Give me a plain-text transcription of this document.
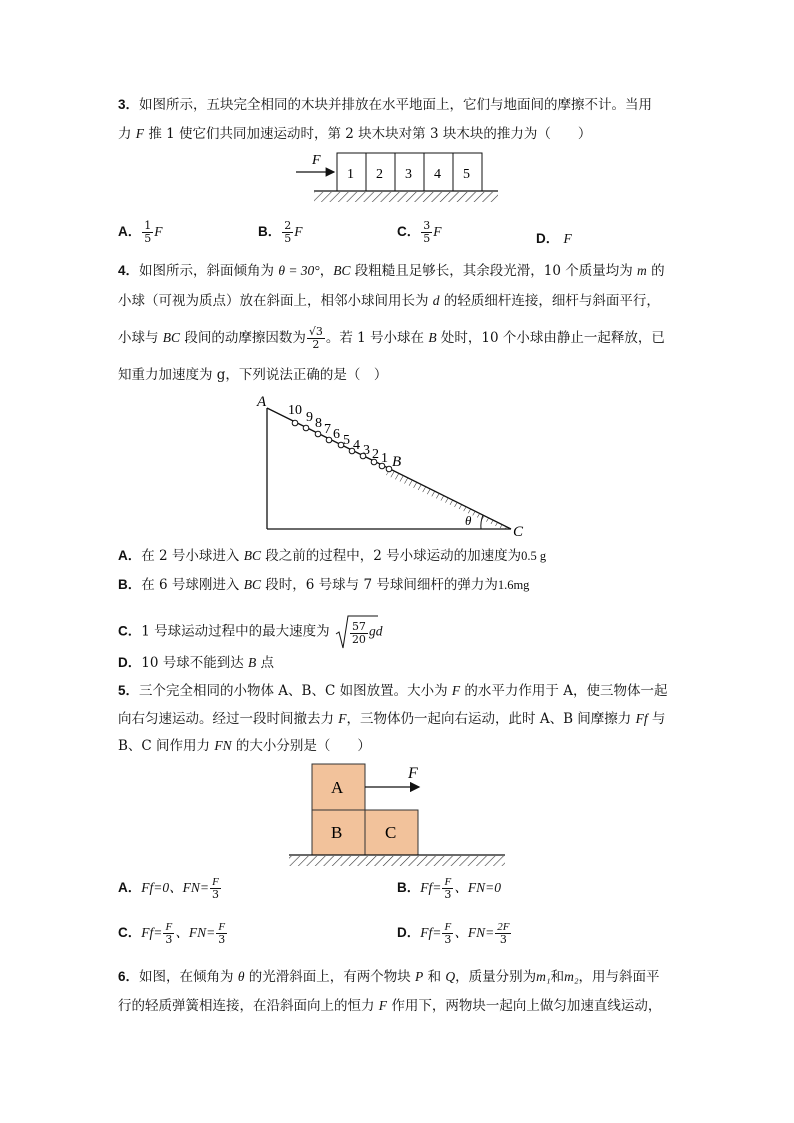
3．如图所示，五块完全相同的木块并排放在水平地面上，它们与地面间的摩擦不计。当用
力 F 推 1 使它们共同加速运动时，第 2 块木块对第 3 块木块的推力为（　　）
F
1 2 3 4 5
A． $\frac{1}{5}$ F	B． $\frac{2}{5}$ F	C． $\frac{3}{5}$ F	D． F
4．如图所示，斜面倾角为 θ = 30°，BC 段粗糙且足够长，其余段光滑，10 个质量均为 m 的
小球（可视为质点）放在斜面上，相邻小球间用长为 d 的轻质细杆连接，细杆与斜面平行，
小球与 BC 段间的动摩擦因数为 $\frac{√3}{2}$ 。若 1 号小球在 B 处时，10 个小球由静止一起释放，已
知重力加速度为 g，下列说法正确的是（　）
θ
A
B
C
10 9 8 7 6 5 4 3 2 1
A．在 2 号小球进入 BC 段之前的过程中，2 号小球运动的加速度为0.5 g
B．在 6 号球刚进入 BC 段时，6 号球与 7 号球间细杆的弹力为1.6mg
C．1 号球运动过程中的最大速度为 $\frac{57}{20}$ gd
D．10 号球不能到达 B 点
5．三个完全相同的小物体 A、B、C 如图放置。大小为 F 的水平力作用于 A，使三物体一起
向右匀速运动。经过一段时间撤去力 F，三物体仍一起向右运动，此时 A、B 间摩擦力 Ff 与
B、C 间作用力 FN 的大小分别是（　　）
A
B	C
F
A．Ff=0、$FN= \frac{F}{3}$	B．$Ff= \frac{F}{3}$ 、FN=0
C．$Ff= \frac{F}{3}$ 、$FN= \frac{F}{3}$	D．$Ff= \frac{F}{3}$ 、$FN= \frac{2F}{3}$
6．如图，在倾角为 θ 的光滑斜面上，有两个物块 P 和 Q，质量分别为m₁和m₂，用与斜面平
行的轻质弹簧相连接，在沿斜面向上的恒力 F 作用下，两物块一起向上做匀加速直线运动，
